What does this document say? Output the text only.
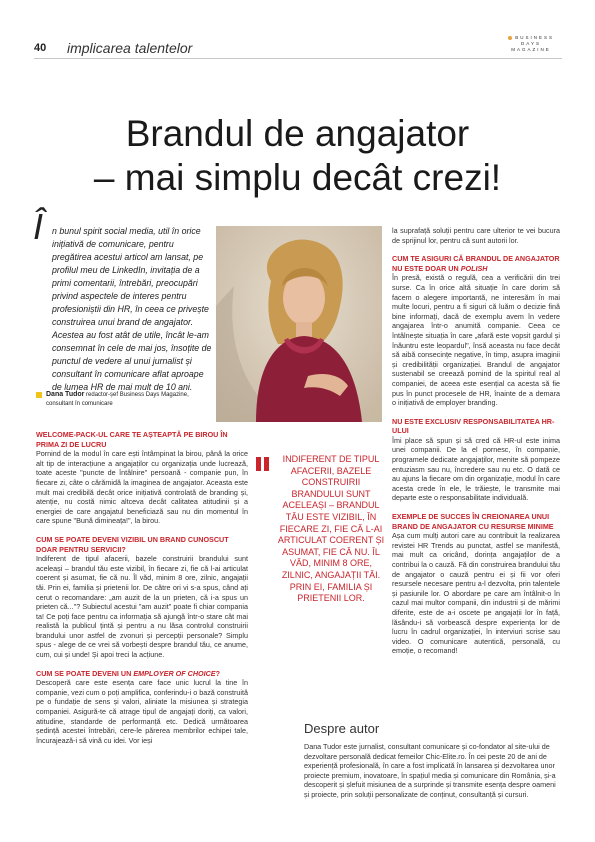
40 implicarea talentelor
BUSINESS
DAYS
MAGAZINE
Brandul de angajator
– mai simplu decât crezi!
Î n bunul spirit social media, util în orice inițiativă de comunicare, pentru pregătirea acestui articol am lansat, pe profilul meu de LinkedIn, invitația de a primi comentarii, întrebări, preocupări privind aspectele de interes pentru profesioniștii din HR, în ceea ce privește construirea unui brand de angajator. Acestea au fost atât de utile, încât le-am consemnat în cele de mai jos, însoțite de punctul de vedere al unui jurnalist și consultant în comunicare aflat aproape de lumea HR de mai mult de 10 ani.
Dana Tudor redactor-șef Business Days Magazine, consultant în comunicare
WELCOME-PACK-UL CARE TE AȘTEAPTĂ PE BIROU ÎN PRIMA ZI DE LUCRU
Pornind de la modul în care ești întâmpinat la birou, până la orice alt tip de interacțiune a angajaților cu organizația unde lucrează, toate aceste "puncte de întâlnire" persoană - companie pun, în fiecare zi, câte o cărămidă la imaginea de angajator. Aceasta este mult mai credibilă decât orice inițiativă controlată de branding și, atenție, nu costă nimic altceva decât calitatea atitudinii și a energiei de care angajatul beneficiază sau nu din momentul în care spune "Bună dimineața!", la birou.
CUM SE POATE DEVENI VIZIBIL UN BRAND CUNOSCUT DOAR PENTRU SERVICII?
Indiferent de tipul afacerii, bazele construirii brandului sunt aceleași – brandul tău este vizibil, în fiecare zi, fie că l-ai articulat coerent și asumat, fie că nu. Îl văd, minim 8 ore, zilnic, angajații tăi. Prin ei, familia și prietenii lor. De către ori vi s-a spus, când ați cerut o recomandare: „am auzit de la un prieten, că i-a spus un prieten că..."? Subiectul acestui "am auzit" poate fi chiar compania ta! Ce poți face pentru ca informația să ajungă într-o stare cât mai realistă la publicul țintă și pentru a nu lăsa controlul construirii brandului unor astfel de zvonuri și percepții personale? Simplu spus - alege de ce vrei să vorbești despre brandul tău, ce anume, cum, cui și unde! Și apoi treci la acțiune.
CUM SE POATE DEVENI UN EMPLOYER OF CHOICE?
Descoperă care este esența care face unic lucrul la tine în companie, vezi cum o poți amplifica, conferindu-i o bază construită pe o fundație de sens și valori, aliniate la misiunea și strategia companiei. Asigură-te că atrage tipul de angajați doriți, ca valori, atitudine, standarde de performanță etc. Dedică următoarea ședință acestei întrebări, cere-le părerea membrilor echipei tale, încurajează-i să vină cu idei. Vor ieși
INDIFERENT DE TIPUL AFACERII, BAZELE CONSTRUIRII BRANDULUI SUNT ACELEAȘI – BRANDUL TĂU ESTE VIZIBIL, ÎN FIECARE ZI, FIE CĂ L-AI ARTICULAT COERENT ȘI ASUMAT, FIE CĂ NU. ÎL VĂD, MINIM 8 ORE, ZILNIC, ANGAJAȚII TĂI. PRIN EI, FAMILIA ȘI PRIETENII LOR.
la suprafață soluții pentru care ulterior te vei bucura de sprijinul lor, pentru că sunt autorii lor.
CUM TE ASIGURI CĂ BRANDUL DE ANGAJATOR NU ESTE DOAR UN POLISH
În presă, există o regulă, cea a verificării din trei surse. Ca în orice altă situație în care dorim să facem o alegere importantă, ne interesăm în mai multe locuri, pentru a fi siguri că luăm o decizie fină bine informați, dacă de exemplu avem în vedere angajarea într-o anumită companie. Ceea ce întâlnește situația în care „afară este vopsit gardul și înăuntru este leopardul", însă aceasta nu face decât să aibă consecințe negative, în timp, asupra imaginii și credibilității organizației. Brandul de angajator sustenabil se creează pornind de la spiritul real al companiei, de aceea este esențial ca acesta să fie pus în punct procesele de HR, înainte de a demara o inițiativă de employer branding.
NU ESTE EXCLUSIV RESPONSABILITATEA HR-ULUI
Îmi place să spun și să cred că HR-ul este inima unei companii. De la el pornesc, în companie, programele dedicate angajaților, menite să pompeze entuziasm sau nu, încredere sau nu etc. O dată ce au ajuns la fiecare om din organizație, modul în care acesta crede în ele, le trăiește, le transmite mai departe este o responsabilitate individuală.
EXEMPLE DE SUCCES ÎN CREIONAREA UNUI BRAND DE ANGAJATOR CU RESURSE MINIME
Așa cum mulți autori care au contribuit la realizarea revistei HR Trends au punctat, astfel se manifestă, mai mult ca oricând, dorința angajaților de a contribui la o cauză. Fă din construirea brandului tău de angajator o cauză pentru ei și fii vor oferi resursele necesare pentru a-l dezvolta, prin talentele și pasiunile lor. O abordare pe care am întâlnit-o în cazul mai multor companii, din industrii și de mărimi diferite, este de a-i oscete pe angajații lor în față, lăsându-i să vorbească despre experiența lor de lucru în cadrul organizației, în interviuri scrise sau video. O comunicare autentică, personală, cu emoție, o recomand!
Despre autor
Dana Tudor este jurnalist, consultant comunicare și co-fondator al site-ului de dezvoltare personală dedicat femeilor Chic-Elite.ro. În cei peste 20 de ani de experiență profesională, în care a fost implicată în lansarea și dezvoltarea unor proiecte premium, inovatoare, în spațiul media și comunicare din România, și-a descoperit și șlefuit misiunea de a surprinde și transmite esența despre oameni și proiecte, prin soluții personalizate de conținut, consultanță și cursuri.
